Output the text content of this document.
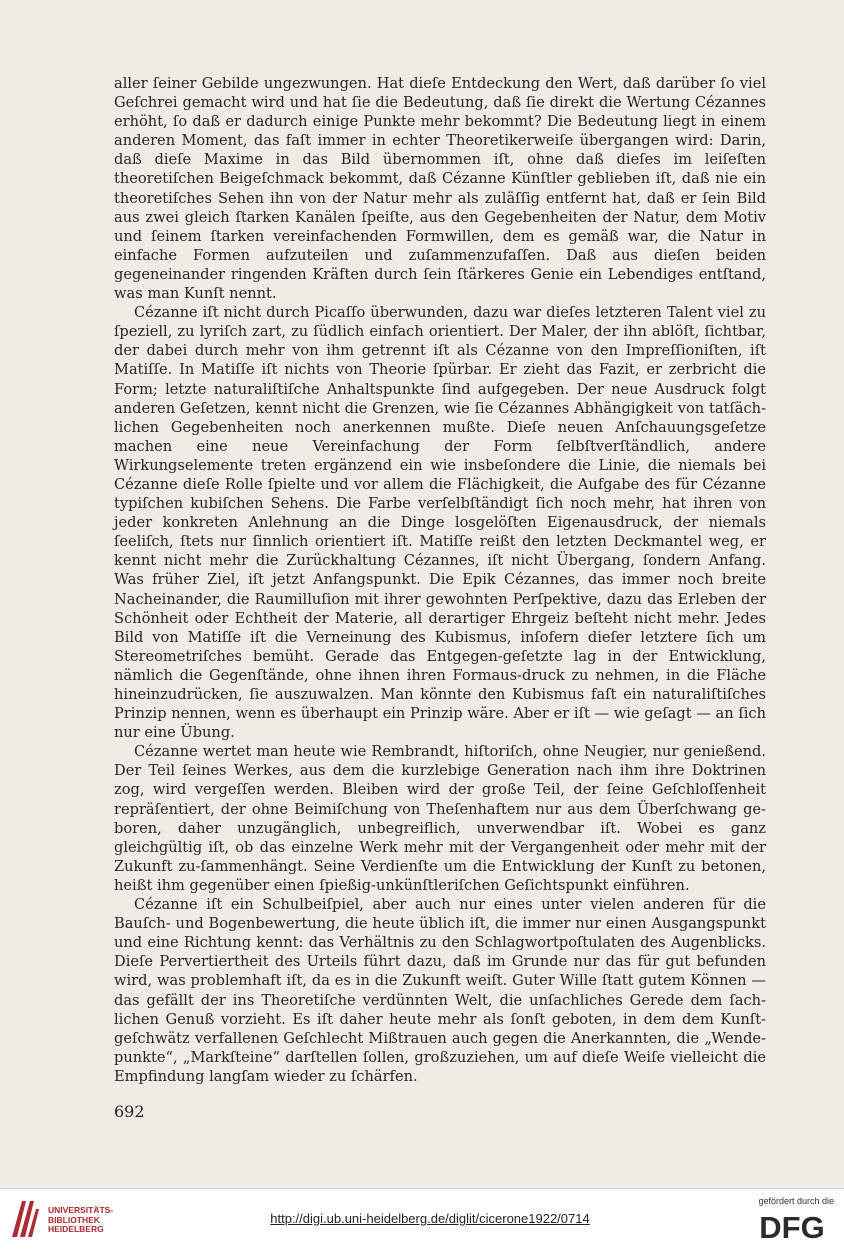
aller ſeiner Gebilde ungezwungen. Hat dieſe Entdeckung den Wert, daß darüber ſo viel Geſchrei gemacht wird und hat ſie die Bedeutung, daß ſie direkt die Wertung Cézannes erhöht, ſo daß er dadurch einige Punkte mehr bekommt? Die Bedeutung liegt in einem anderen Moment, das faſt immer in echter Theoretikerweiſe übergangen wird: Darin, daß dieſe Maxime in das Bild übernommen iſt, ohne daß dieſes im leiſeſten theoretiſchen Beigeſchmack bekommt, daß Cézanne Künſtler geblieben iſt, daß nie ein theoretiſches Sehen ihn von der Natur mehr als zuläſſig entfernt hat, daß er ſein Bild aus zwei gleich ſtarken Kanälen ſpeiſte, aus den Gegebenheiten der Natur, dem Motiv und ſeinem ſtarken vereinfachenden Formwillen, dem es gemäß war, die Natur in einfache Formen aufzuteilen und zuſammenzufaſſen. Daß aus dieſen beiden gegeneinander ringenden Kräften durch ſein ſtärkeres Genie ein Lebendiges entſtand, was man Kunſt nennt.

Cézanne iſt nicht durch Picaſſo überwunden, dazu war dieſes letzteren Talent viel zu ſpeziell, zu lyriſch zart, zu ſüdlich einfach orientiert. Der Maler, der ihn ablöſt, ſichtbar, der dabei durch mehr von ihm getrennt iſt als Cézanne von den Impreſſioniſten, iſt Matiſſe. In Matiſſe iſt nichts von Theorie ſpürbar. Er zieht das Fazit, er zerbricht die Form; letzte naturaliſtiſche Anhaltspunkte ſind aufgegeben. Der neue Ausdruck folgt anderen Geſetzen, kennt nicht die Grenzen, wie ſie Cézannes Abhängigkeit von tatſäch-lichen Gegebenheiten noch anerkennen mußte. Dieſe neuen Anſchauungsgeſetze machen eine neue Vereinfachung der Form ſelbſtverſtändlich, andere Wirkungselemente treten ergänzend ein wie insbeſondere die Linie, die niemals bei Cézanne dieſe Rolle ſpielte und vor allem die Flächigkeit, die Aufgabe des für Cézanne typiſchen kubiſchen Sehens. Die Farbe verſelbſtändigt ſich noch mehr, hat ihren von jeder konkreten Anlehnung an die Dinge losgelöſten Eigenausdruck, der niemals ſeeliſch, ſtets nur ſinnlich orientiert iſt. Matiſſe reißt den letzten Deckmantel weg, er kennt nicht mehr die Zurückhaltung Cézannes, iſt nicht Übergang, ſondern Anfang. Was früher Ziel, iſt jetzt Anfangspunkt. Die Epik Cézannes, das immer noch breite Nacheinander, die Raumilluſion mit ihrer gewohnten Perſpektive, dazu das Erleben der Schönheit oder Echtheit der Materie, all derartiger Ehrgeiz beſteht nicht mehr. Jedes Bild von Matiſſe iſt die Verneinung des Kubismus, inſofern dieſer letztere ſich um Stereometriſches bemüht. Gerade das Entgegen-geſetzte lag in der Entwicklung, nämlich die Gegenſtände, ohne ihnen ihren Formaus-druck zu nehmen, in die Fläche hineinzudrücken, ſie auszuwalzen. Man könnte den Kubismus faſt ein naturaliſtiſches Prinzip nennen, wenn es überhaupt ein Prinzip wäre. Aber er iſt — wie geſagt — an ſich nur eine Übung.

Cézanne wertet man heute wie Rembrandt, hiſtoriſch, ohne Neugier, nur genießend. Der Teil ſeines Werkes, aus dem die kurzlebige Generation nach ihm ihre Doktrinen zog, wird vergeſſen werden. Bleiben wird der große Teil, der ſeine Geſchloſſenheit repräſentiert, der ohne Beimiſchung von Theſenhaftem nur aus dem Überſchwang ge-boren, daher unzugänglich, unbegreiflich, unverwendbar iſt. Wobei es ganz gleichgültig iſt, ob das einzelne Werk mehr mit der Vergangenheit oder mehr mit der Zukunft zu-ſammenhängt. Seine Verdienſte um die Entwicklung der Kunſt zu betonen, heißt ihm gegenüber einen ſpießig-unkünſtleriſchen Geſichtspunkt einführen.

Cézanne iſt ein Schulbeiſpiel, aber auch nur eines unter vielen anderen für die Bauſch- und Bogenbewertung, die heute üblich iſt, die immer nur einen Ausgangspunkt und eine Richtung kennt: das Verhältnis zu den Schlagwortpoſtulaten des Augenblicks. Dieſe Pervertiertheit des Urteils führt dazu, daß im Grunde nur das für gut befunden wird, was problemhaft iſt, da es in die Zukunft weiſt. Guter Wille ſtatt gutem Können — das gefällt der ins Theoretiſche verdünnten Welt, die unſachliches Gerede dem ſach-lichen Genuß vorzieht. Es iſt daher heute mehr als ſonſt geboten, in dem dem Kunſt-geſchwätz verfallenen Geſchlecht Mißtrauen auch gegen die Anerkannten, die „Wende-punkte“, „Markſteine“ darſtellen ſollen, großzuziehen, um auf dieſe Weiſe vielleicht die Empfindung langſam wieder zu ſchärfen.

692
UNIVERSITÄTS-
BIBLIOTHEK
HEIDELBERG
http://digi.ub.uni-heidelberg.de/diglit/cicerone1922/0714
gefördert durch die
DFG
